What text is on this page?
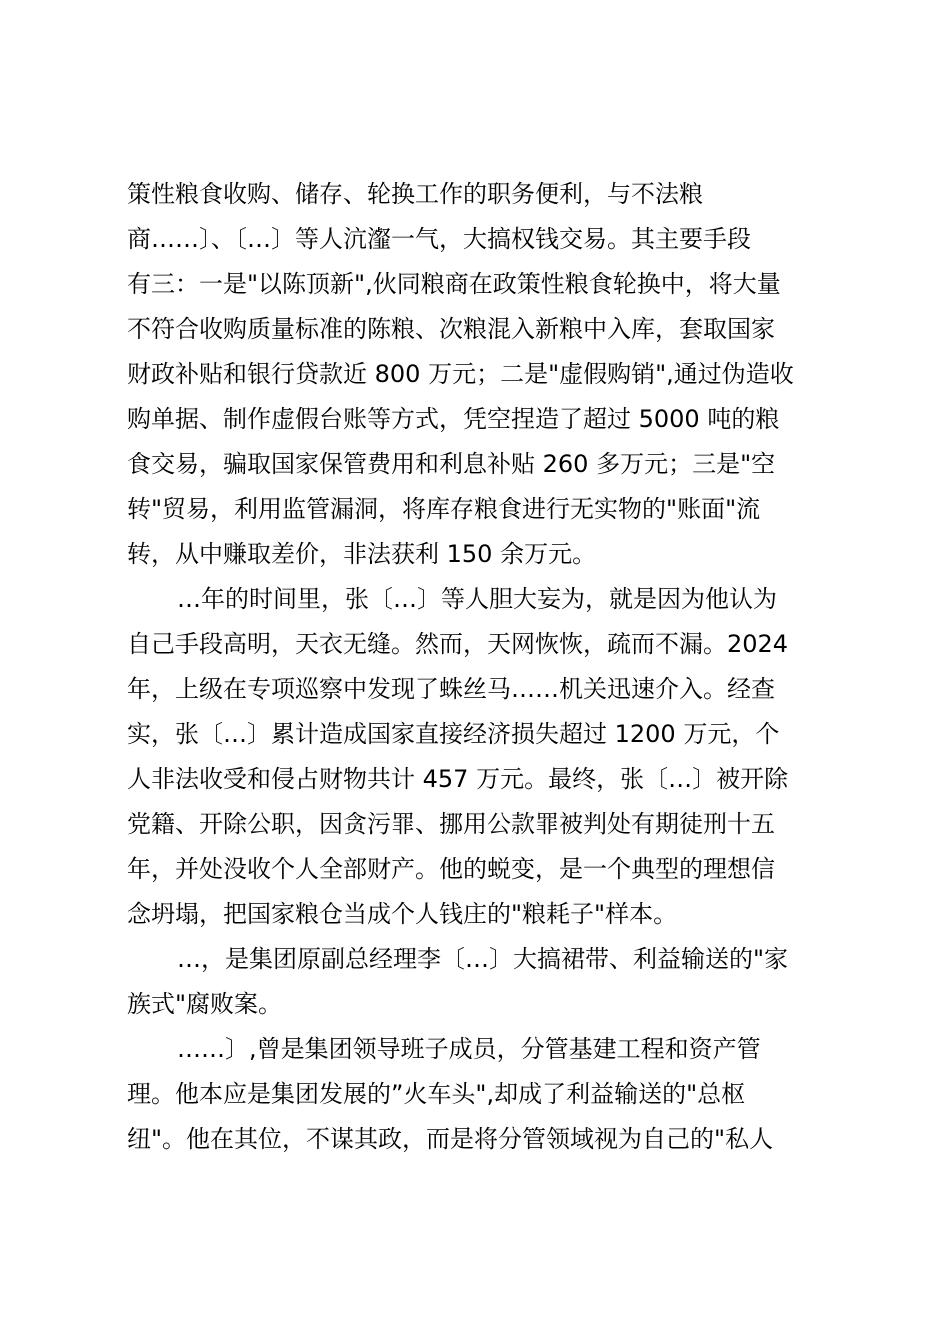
策性粮食收购、储存、轮换工作的职务便利，与不法粮
商……〕、〔…〕等人沆瀣一气，大搞权钱交易。其主要手段
有三：一是"以陈顶新",伙同粮商在政策性粮食轮换中，将大量
不符合收购质量标准的陈粮、次粮混入新粮中入库，套取国家
财政补贴和银行贷款近 800 万元；二是"虚假购销",通过伪造收
购单据、制作虚假台账等方式，凭空捏造了超过 5000 吨的粮
食交易，骗取国家保管费用和利息补贴 260 多万元；三是"空
转"贸易，利用监管漏洞，将库存粮食进行无实物的"账面"流
转，从中赚取差价，非法获利 150 余万元。
…年的时间里，张〔…〕等人胆大妄为，就是因为他认为
自己手段高明，天衣无缝。然而，天网恢恢，疏而不漏。2024
年，上级在专项巡察中发现了蛛丝马……机关迅速介入。经查
实，张〔…〕累计造成国家直接经济损失超过 1200 万元，个
人非法收受和侵占财物共计 457 万元。最终，张〔…〕被开除
党籍、开除公职，因贪污罪、挪用公款罪被判处有期徒刑十五
年，并处没收个人全部财产。他的蜕变，是一个典型的理想信
念坍塌，把国家粮仓当成个人钱庄的"粮耗子"样本。
…，是集团原副总经理李〔…〕大搞裙带、利益输送的"家
族式"腐败案。
……〕,曾是集团领导班子成员，分管基建工程和资产管
理。他本应是集团发展的”火车头",却成了利益输送的"总枢
纽"。他在其位，不谋其政，而是将分管领域视为自己的"私人
